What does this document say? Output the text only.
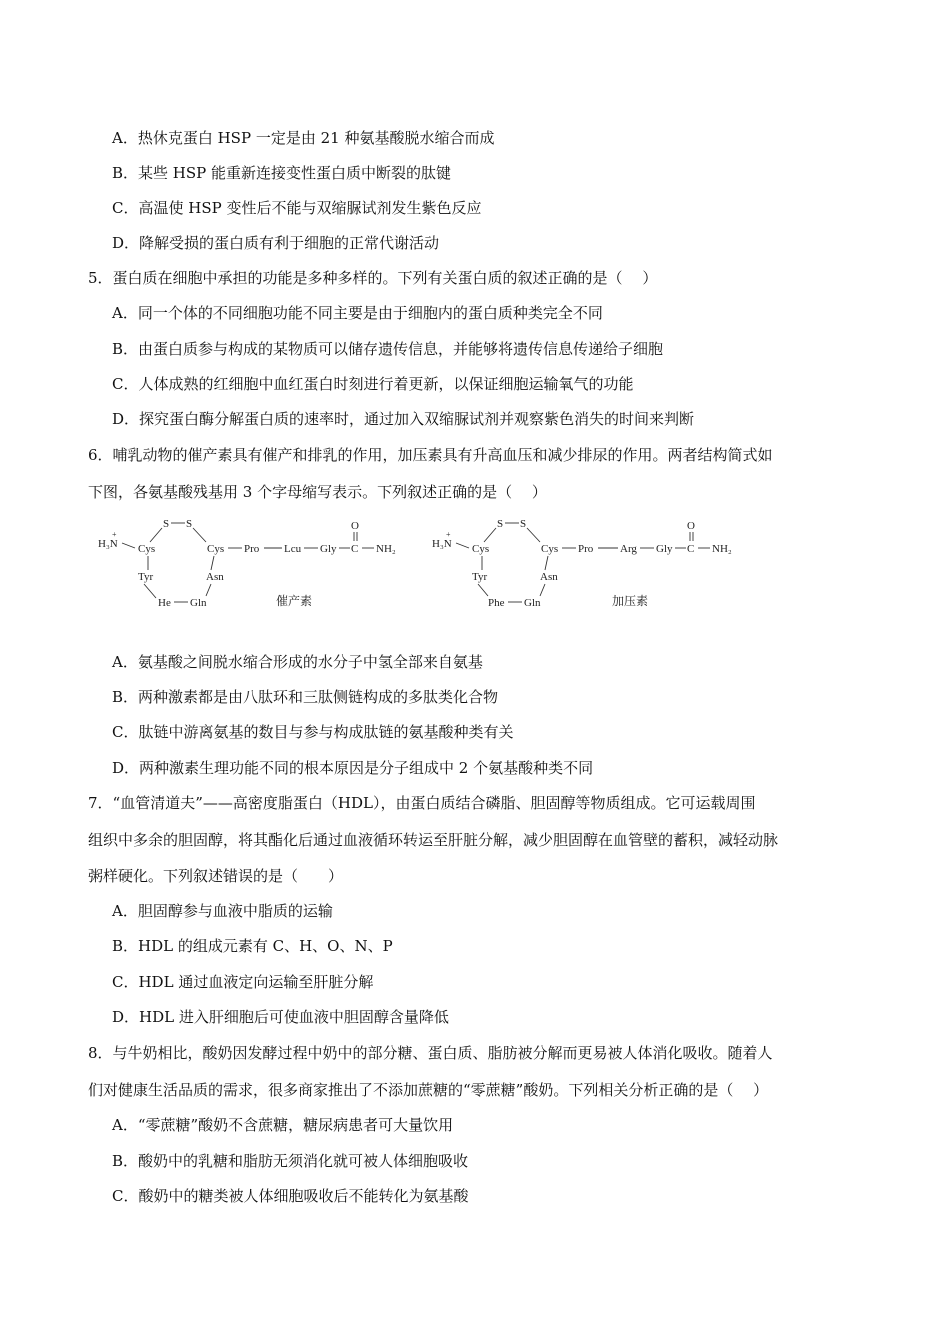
A．热休克蛋白 HSP 一定是由 21 种氨基酸脱水缩合而成
B．某些 HSP 能重新连接变性蛋白质中断裂的肽键
C．高温使 HSP 变性后不能与双缩脲试剂发生紫色反应
D．降解受损的蛋白质有利于细胞的正常代谢活动
5．蛋白质在细胞中承担的功能是多种多样的。下列有关蛋白质的叙述正确的是（　 ）
A．同一个体的不同细胞功能不同主要是由于细胞内的蛋白质种类完全不同
B．由蛋白质参与构成的某物质可以储存遗传信息，并能够将遗传信息传递给子细胞
C．人体成熟的红细胞中血红蛋白时刻进行着更新，以保证细胞运输氧气的功能
D．探究蛋白酶分解蛋白质的速率时，通过加入双缩脲试剂并观察紫色消失的时间来判断
6．哺乳动物的催产素具有催产和排乳的作用，加压素具有升高血压和减少排尿的作用。两者结构简式如
下图，各氨基酸残基用 3 个字母缩写表示。下列叙述正确的是（　 ）
H₃N
+
Cys
S S
Cys Pro Lcu Gly
O
C NH₂
Tyr	Asn
He Gln	催产素
H₃N
+
Cys
S S
Cys Pro Arg Gly
O
C NH₂
Tyr	Asn
Phe Gln	加压素
A．氨基酸之间脱水缩合形成的水分子中氢全部来自氨基
B．两种激素都是由八肽环和三肽侧链构成的多肽类化合物
C．肽链中游离氨基的数目与参与构成肽链的氨基酸种类有关
D．两种激素生理功能不同的根本原因是分子组成中 2 个氨基酸种类不同
7．“血管清道夫”——高密度脂蛋白（HDL），由蛋白质结合磷脂、胆固醇等物质组成。它可运载周围
组织中多余的胆固醇，将其酯化后通过血液循环转运至肝脏分解，减少胆固醇在血管壁的蓄积，减轻动脉
粥样硬化。下列叙述错误的是（　　）
A．胆固醇参与血液中脂质的运输
B．HDL 的组成元素有 C、H、O、N、P
C．HDL 通过血液定向运输至肝脏分解
D．HDL 进入肝细胞后可使血液中胆固醇含量降低
8．与牛奶相比，酸奶因发酵过程中奶中的部分糖、蛋白质、脂肪被分解而更易被人体消化吸收。随着人
们对健康生活品质的需求，很多商家推出了不添加蔗糖的“零蔗糖”酸奶。下列相关分析正确的是（　 ）
A．“零蔗糖”酸奶不含蔗糖，糖尿病患者可大量饮用
B．酸奶中的乳糖和脂肪无须消化就可被人体细胞吸收
C．酸奶中的糖类被人体细胞吸收后不能转化为氨基酸
